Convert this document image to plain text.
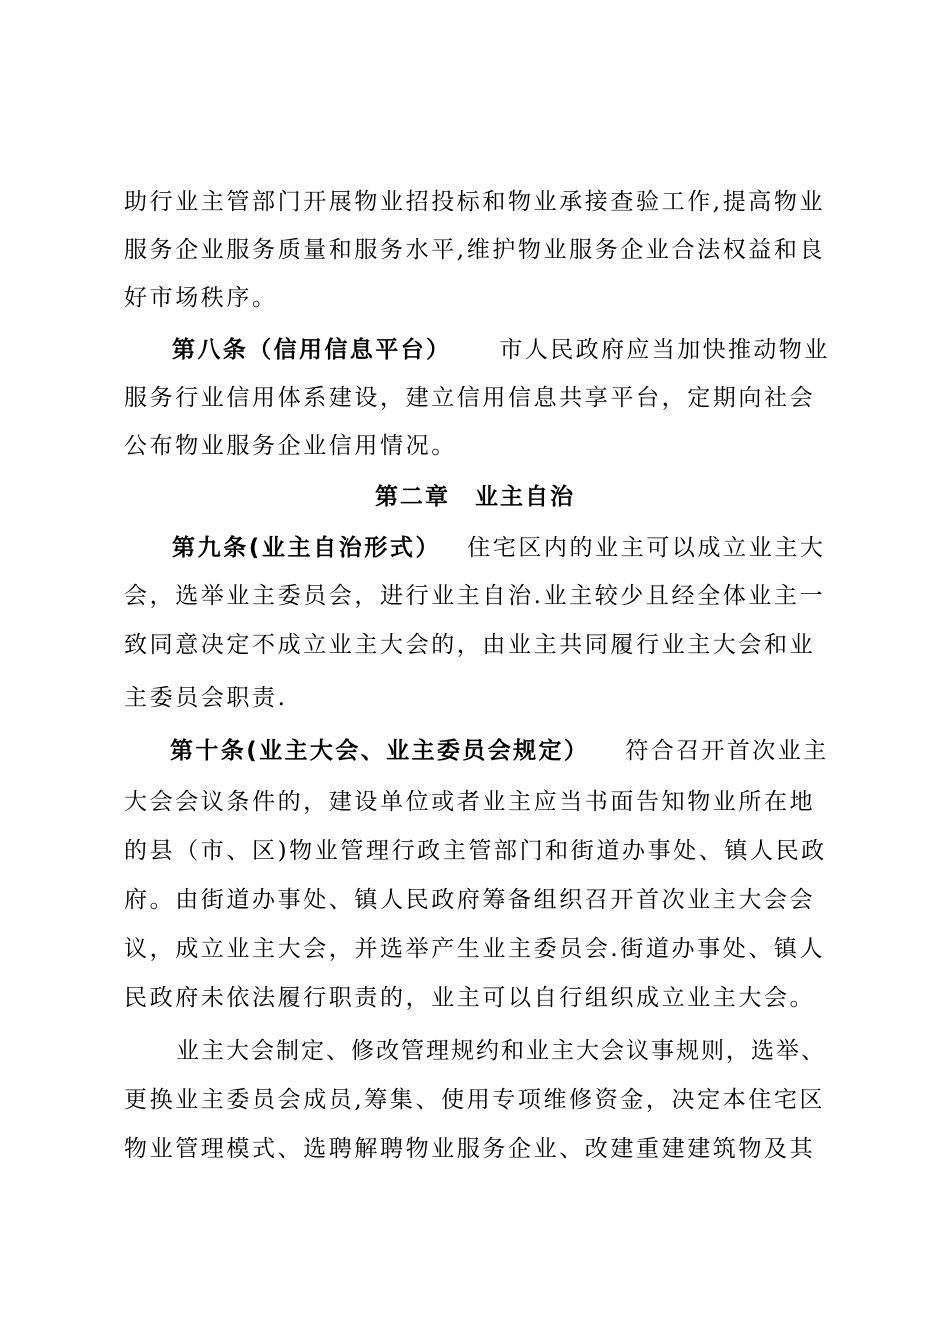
助行业主管部门开展物业招投标和物业承接查验工作,提高物业
服务企业服务质量和服务水平,维护物业服务企业合法权益和良
好市场秩序。
第八条（信用信息平台） 市人民政府应当加快推动物业
服务行业信用体系建设，建立信用信息共享平台，定期向社会
公布物业服务企业信用情况。
第二章　业主自治
第九条(业主自治形式） 住宅区内的业主可以成立业主大
会，选举业主委员会，进行业主自治.业主较少且经全体业主一
致同意决定不成立业主大会的，由业主共同履行业主大会和业
主委员会职责.
第十条(业主大会、业主委员会规定） 符合召开首次业主
大会会议条件的，建设单位或者业主应当书面告知物业所在地
的县（市、区)物业管理行政主管部门和街道办事处、镇人民政
府。由街道办事处、镇人民政府筹备组织召开首次业主大会会
议，成立业主大会，并选举产生业主委员会.街道办事处、镇人
民政府未依法履行职责的，业主可以自行组织成立业主大会。
业主大会制定、修改管理规约和业主大会议事规则，选举、
更换业主委员会成员,筹集、使用专项维修资金，决定本住宅区
物业管理模式、选聘解聘物业服务企业、改建重建建筑物及其
